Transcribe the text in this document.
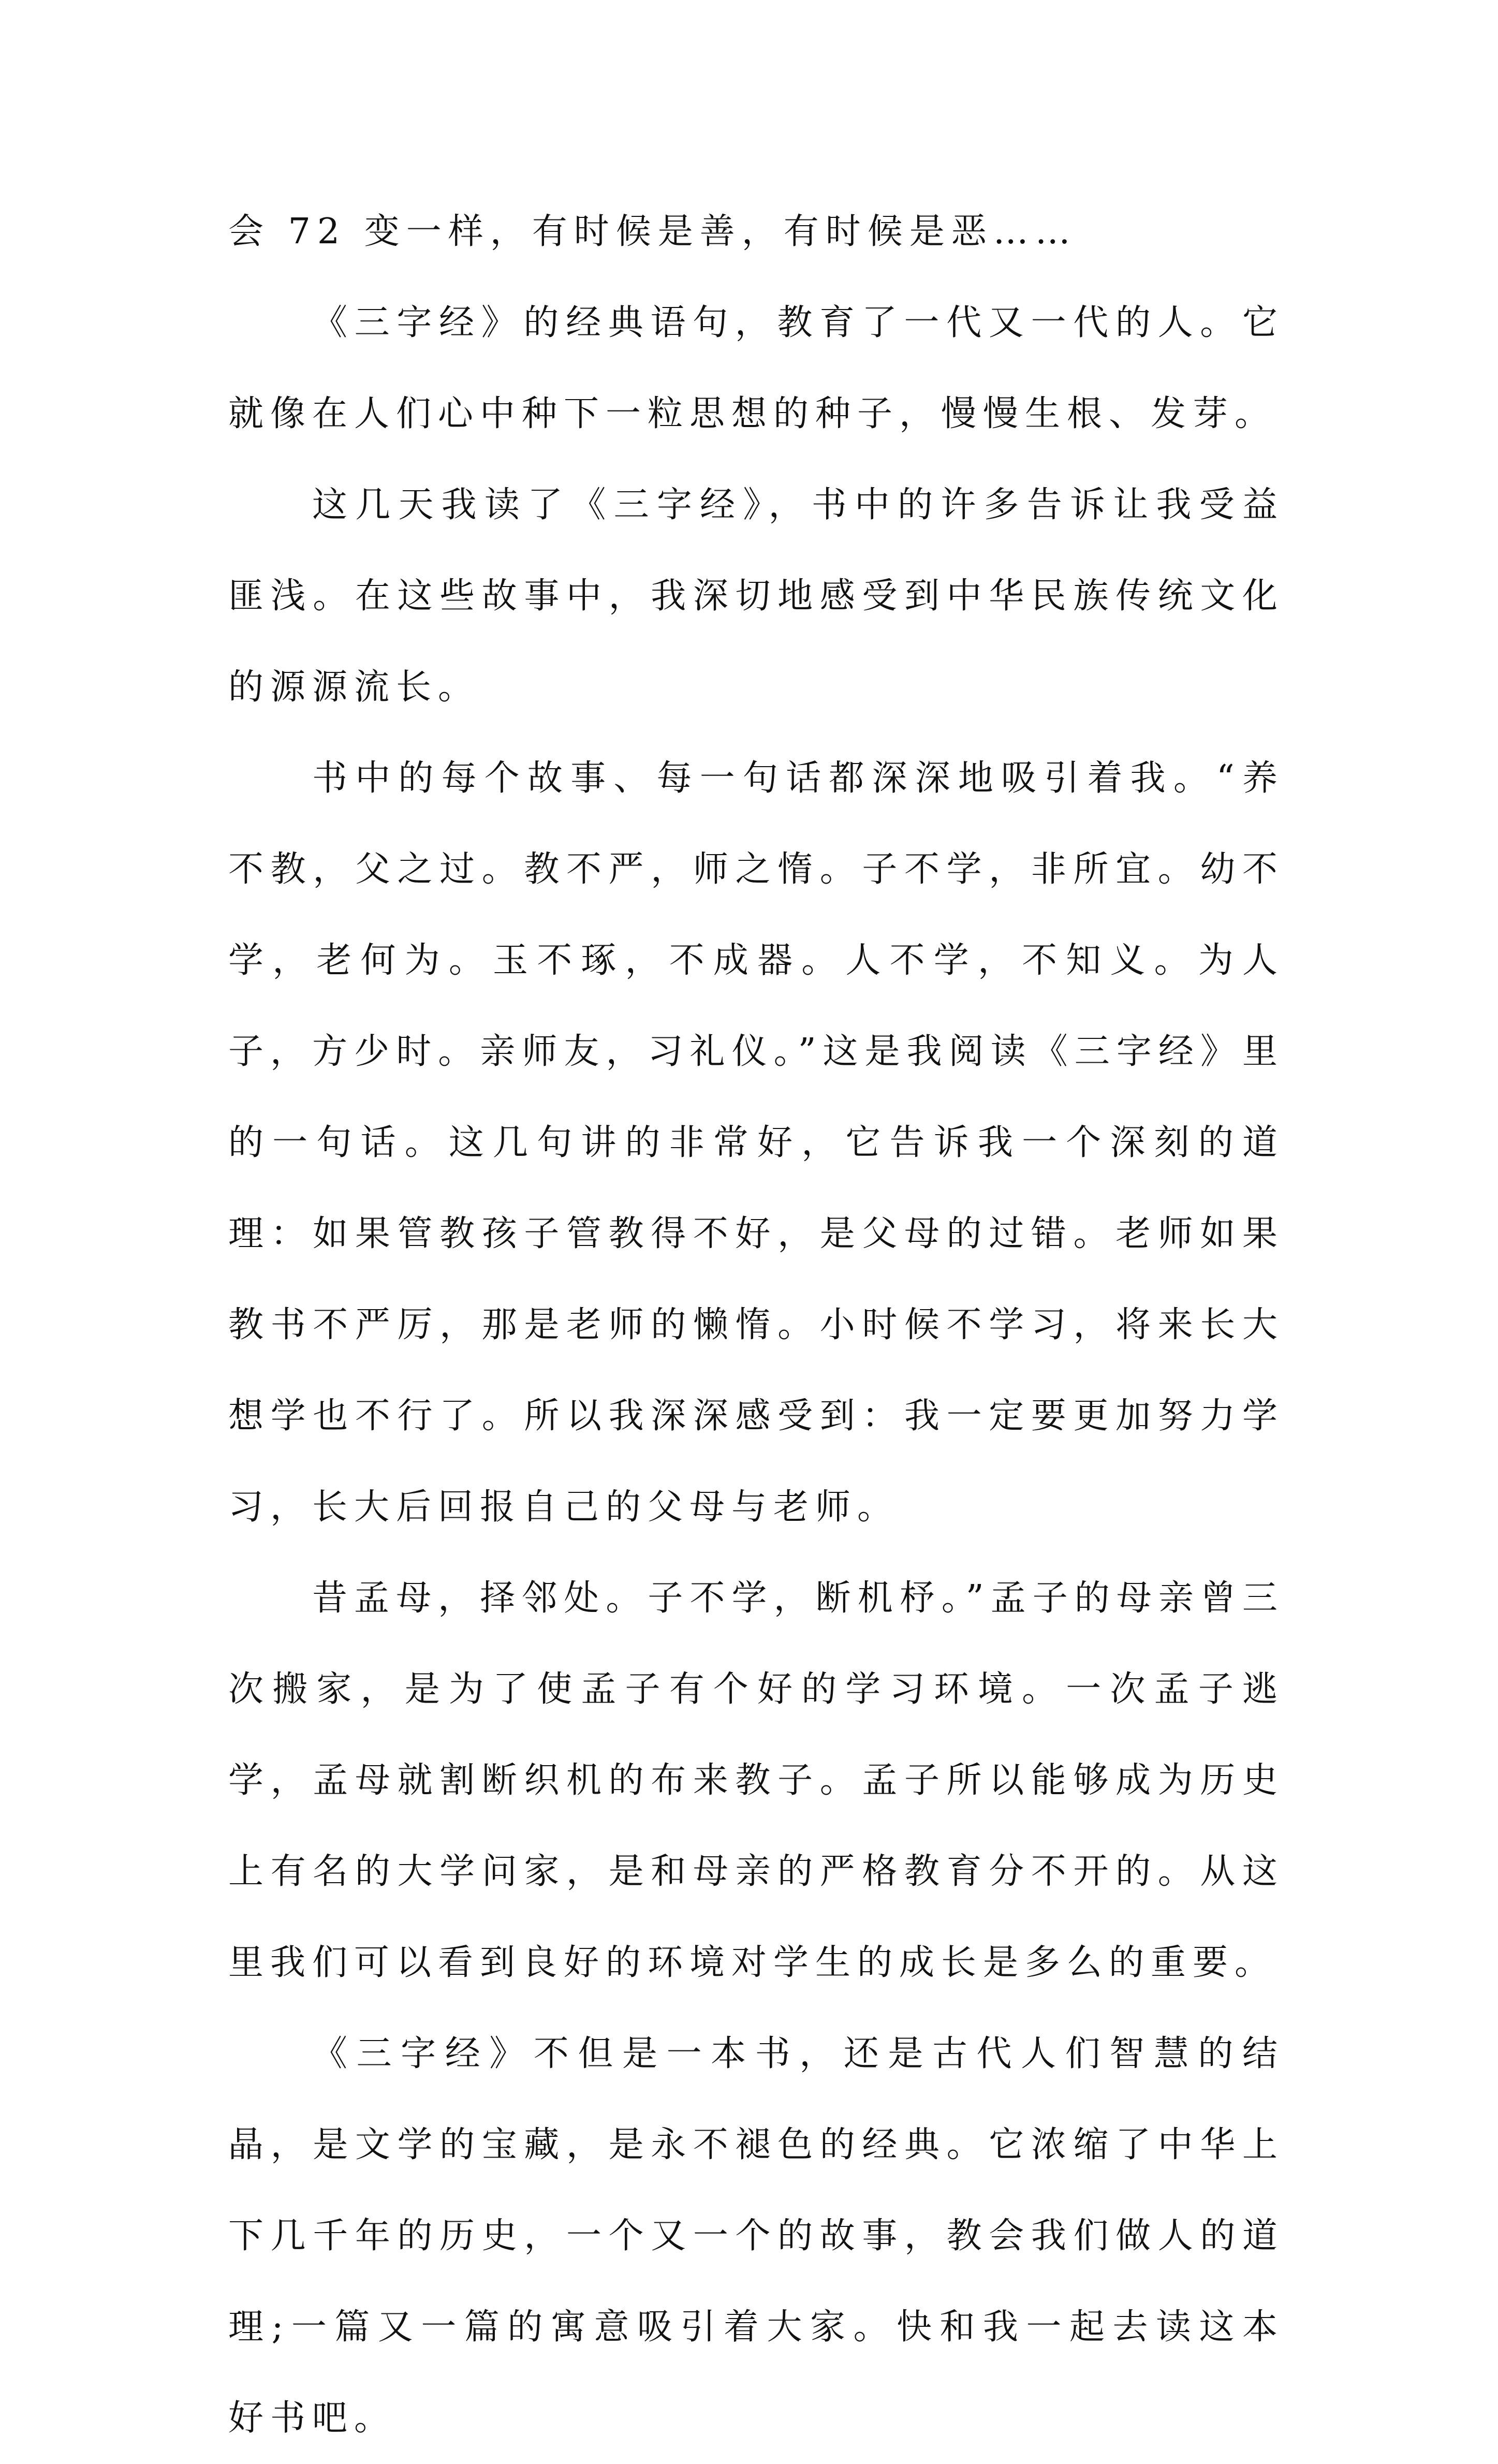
会 72 变一样，有时候是善，有时候是恶……

《三字经》的经典语句，教育了一代又一代的人。它就像在人们心中种下一粒思想的种子，慢慢生根、发芽。

这几天我读了《三字经》，书中的许多告诉让我受益匪浅。在这些故事中，我深切地感受到中华民族传统文化的源源流长。

书中的每个故事、每一句话都深深地吸引着我。“养不教，父之过。教不严，师之惰。子不学，非所宜。幼不学，老何为。玉不琢，不成器。人不学，不知义。为人子，方少时。亲师友，习礼仪。”这是我阅读《三字经》里的一句话。这几句讲的非常好，它告诉我一个深刻的道理：如果管教孩子管教得不好，是父母的过错。老师如果教书不严厉，那是老师的懒惰。小时候不学习，将来长大想学也不行了。所以我深深感受到：我一定要更加努力学习，长大后回报自己的父母与老师。

昔孟母，择邻处。子不学，断机杼。”孟子的母亲曾三次搬家，是为了使孟子有个好的学习环境。一次孟子逃学，孟母就割断织机的布来教子。孟子所以能够成为历史上有名的大学问家，是和母亲的严格教育分不开的。从这里我们可以看到良好的环境对学生的成长是多么的重要。

《三字经》不但是一本书，还是古代人们智慧的结晶，是文学的宝藏，是永不褪色的经典。它浓缩了中华上下几千年的历史，一个又一个的故事，教会我们做人的道理;一篇又一篇的寓意吸引着大家。快和我一起去读这本好书吧。
